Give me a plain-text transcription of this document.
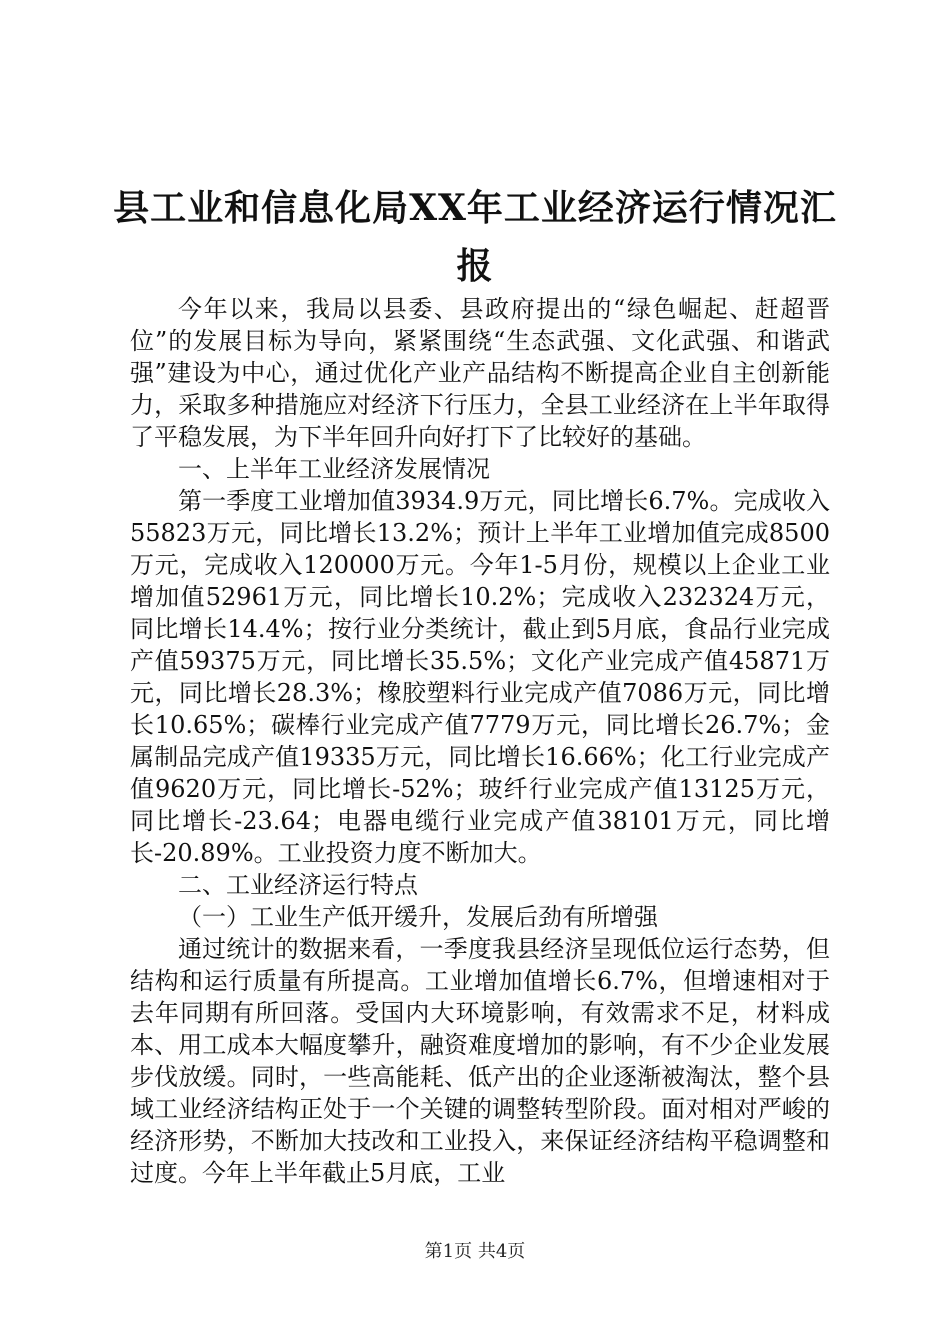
县工业和信息化局XX年工业经济运行情况汇
报

今年以来，我局以县委、县政府提出的“绿色崛起、赶超晋位”的发展目标为导向，紧紧围绕“生态武强、文化武强、和谐武强”建设为中心，通过优化产业产品结构不断提高企业自主创新能力，采取多种措施应对经济下行压力，全县工业经济在上半年取得了平稳发展，为下半年回升向好打下了比较好的基础。

一、上半年工业经济发展情况

第一季度工业增加值3934.9万元，同比增长6.7%。完成收入55823万元，同比增长13.2%；预计上半年工业增加值完成8500万元，完成收入120000万元。今年1-5月份，规模以上企业工业增加值52961万元，同比增长10.2%；完成收入232324万元，同比增长14.4%；按行业分类统计，截止到5月底，食品行业完成产值59375万元，同比增长35.5%；文化产业完成产值45871万元，同比增长28.3%；橡胶塑料行业完成产值7086万元，同比增长10.65%；碳棒行业完成产值7779万元，同比增长26.7%；金属制品完成产值19335万元，同比增长16.66%；化工行业完成产值9620万元，同比增长-52%；玻纤行业完成产值13125万元，同比增长-23.64；电器电缆行业完成产值38101万元，同比增长-20.89%。工业投资力度不断加大。

二、工业经济运行特点

（一）工业生产低开缓升，发展后劲有所增强

通过统计的数据来看，一季度我县经济呈现低位运行态势，但结构和运行质量有所提高。工业增加值增长6.7%，但增速相对于去年同期有所回落。受国内大环境影响，有效需求不足，材料成本、用工成本大幅度攀升，融资难度增加的影响，有不少企业发展步伐放缓。同时，一些高能耗、低产出的企业逐渐被淘汰，整个县域工业经济结构正处于一个关键的调整转型阶段。面对相对严峻的经济形势，不断加大技改和工业投入，来保证经济结构平稳调整和过度。今年上半年截止5月底，工业

第1页 共4页
